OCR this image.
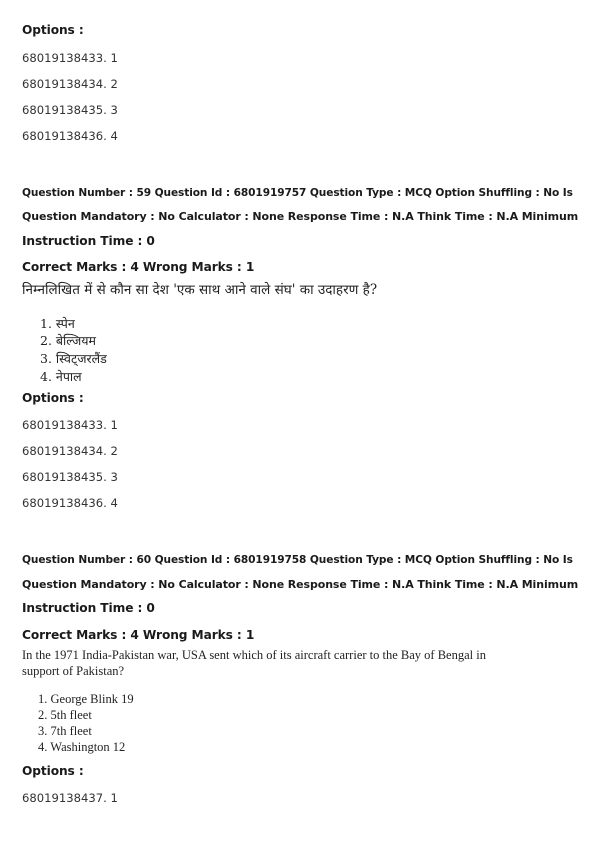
Options :
68019138433. 1
68019138434. 2
68019138435. 3
68019138436. 4
Question Number : 59 Question Id : 6801919757 Question Type : MCQ Option Shuffling : No Is
Question Mandatory : No Calculator : None Response Time : N.A Think Time : N.A Minimum
Instruction Time : 0
Correct Marks : 4 Wrong Marks : 1
निम्नलिखित में से कौन सा देश 'एक साथ आने वाले संघ' का उदाहरण है?
1. स्पेन
2. बेल्जियम
3. स्विट्जरलैंड
4. नेपाल
Options :
68019138433. 1
68019138434. 2
68019138435. 3
68019138436. 4
Question Number : 60 Question Id : 6801919758 Question Type : MCQ Option Shuffling : No Is
Question Mandatory : No Calculator : None Response Time : N.A Think Time : N.A Minimum
Instruction Time : 0
Correct Marks : 4 Wrong Marks : 1
In the 1971 India-Pakistan war, USA sent which of its aircraft carrier to the Bay of Bengal in
support of Pakistan?
1. George Blink 19
2. 5th fleet
3. 7th fleet
4. Washington 12
Options :
68019138437. 1
